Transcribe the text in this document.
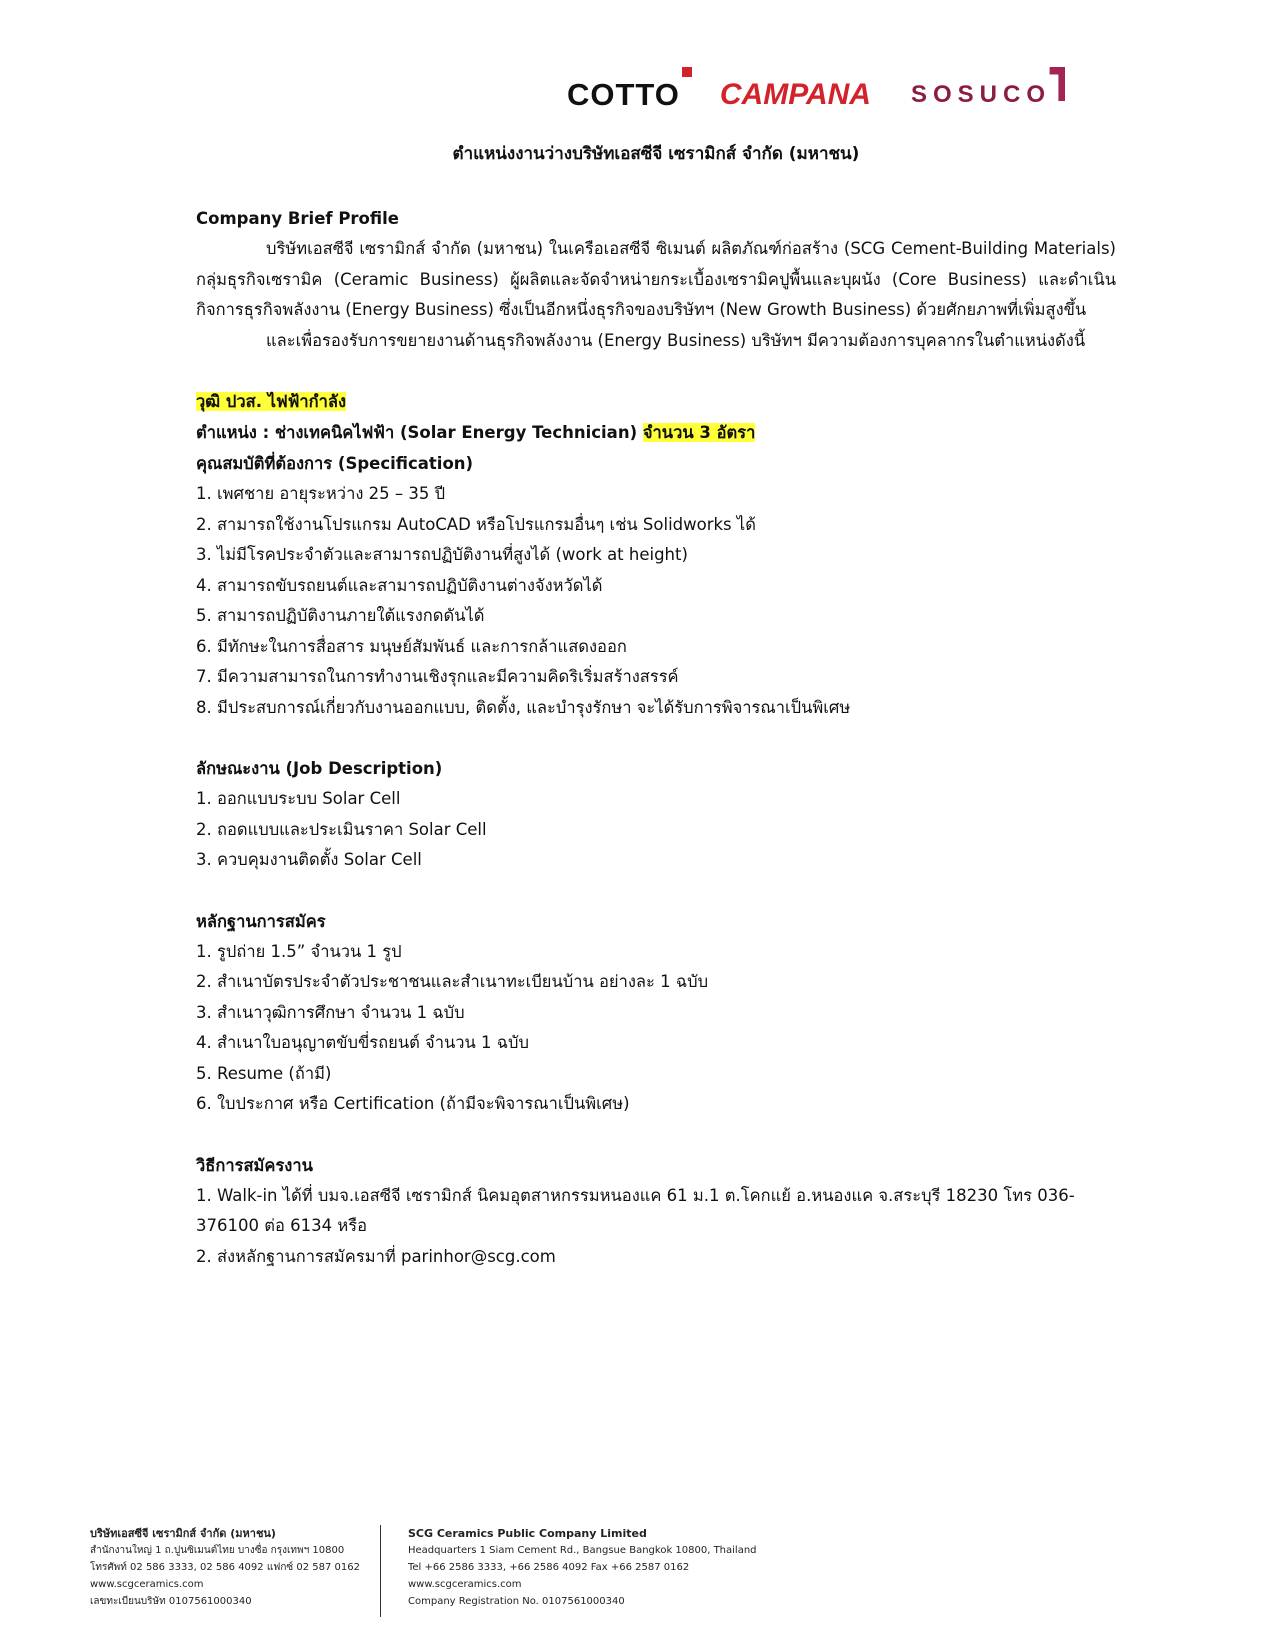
COTTO CAMPANA SOSUCO
ตำแหน่งงานว่างบริษัทเอสซีจี เซรามิกส์ จำกัด (มหาชน)
Company Brief Profile

บริษัทเอสซีจี เซรามิกส์ จำกัด (มหาชน) ในเครือเอสซีจี ซิเมนต์ ผลิตภัณฑ์ก่อสร้าง (SCG Cement-Building Materials) กลุ่มธุรกิจเซรามิค (Ceramic Business) ผู้ผลิตและจัดจำหน่ายกระเบื้องเซรามิคปูพื้นและบุผนัง (Core Business) และดำเนินกิจการธุรกิจพลังงาน (Energy Business) ซึ่งเป็นอีกหนึ่งธุรกิจของบริษัทฯ (New Growth Business) ด้วยศักยภาพที่เพิ่มสูงขึ้น

และเพื่อรองรับการขยายงานด้านธุรกิจพลังงาน (Energy Business) บริษัทฯ มีความต้องการบุคลากรในตำแหน่งดังนี้

วุฒิ ปวส. ไฟฟ้ากำลัง
ตำแหน่ง : ช่างเทคนิคไฟฟ้า (Solar Energy Technician) จำนวน 3 อัตรา
คุณสมบัติที่ต้องการ (Specification)
1. เพศชาย อายุระหว่าง 25 – 35 ปี
2. สามารถใช้งานโปรแกรม AutoCAD หรือโปรแกรมอื่นๆ เช่น Solidworks ได้
3. ไม่มีโรคประจำตัวและสามารถปฏิบัติงานที่สูงได้ (work at height)
4. สามารถขับรถยนต์และสามารถปฏิบัติงานต่างจังหวัดได้
5. สามารถปฏิบัติงานภายใต้แรงกดดันได้
6. มีทักษะในการสื่อสาร มนุษย์สัมพันธ์ และการกล้าแสดงออก
7. มีความสามารถในการทำงานเชิงรุกและมีความคิดริเริ่มสร้างสรรค์
8. มีประสบการณ์เกี่ยวกับงานออกแบบ, ติดตั้ง, และบำรุงรักษา จะได้รับการพิจารณาเป็นพิเศษ
ลักษณะงาน (Job Description)
1. ออกแบบระบบ Solar Cell
2. ถอดแบบและประเมินราคา Solar Cell
3. ควบคุมงานติดตั้ง Solar Cell
หลักฐานการสมัคร
1. รูปถ่าย 1.5” จำนวน 1 รูป
2. สำเนาบัตรประจำตัวประชาชนและสำเนาทะเบียนบ้าน อย่างละ 1 ฉบับ
3. สำเนาวุฒิการศึกษา จำนวน 1 ฉบับ
4. สำเนาใบอนุญาตขับขี่รถยนต์ จำนวน 1 ฉบับ
5. Resume (ถ้ามี)
6. ใบประกาศ หรือ Certification (ถ้ามีจะพิจารณาเป็นพิเศษ)
วิธีการสมัครงาน
1. Walk-in ได้ที่ บมจ.เอสซีจี เซรามิกส์ นิคมอุตสาหกรรมหนองแค 61 ม.1 ต.โคกแย้ อ.หนองแค จ.สระบุรี 18230 โทร 036-376100 ต่อ 6134 หรือ
2. ส่งหลักฐานการสมัครมาที่ parinhor@scg.com
บริษัทเอสซีจี เซรามิกส์ จำกัด (มหาชน)
สำนักงานใหญ่ 1 ถ.ปูนซิเมนต์ไทย บางซื่อ กรุงเทพฯ 10800
โทรศัพท์ 02 586 3333, 02 586 4092 แฟกซ์ 02 587 0162
www.scgceramics.com
เลขทะเบียนบริษัท 0107561000340
SCG Ceramics Public Company Limited
Headquarters 1 Siam Cement Rd., Bangsue Bangkok 10800, Thailand
Tel +66 2586 3333, +66 2586 4092 Fax +66 2587 0162
www.scgceramics.com
Company Registration No. 0107561000340
